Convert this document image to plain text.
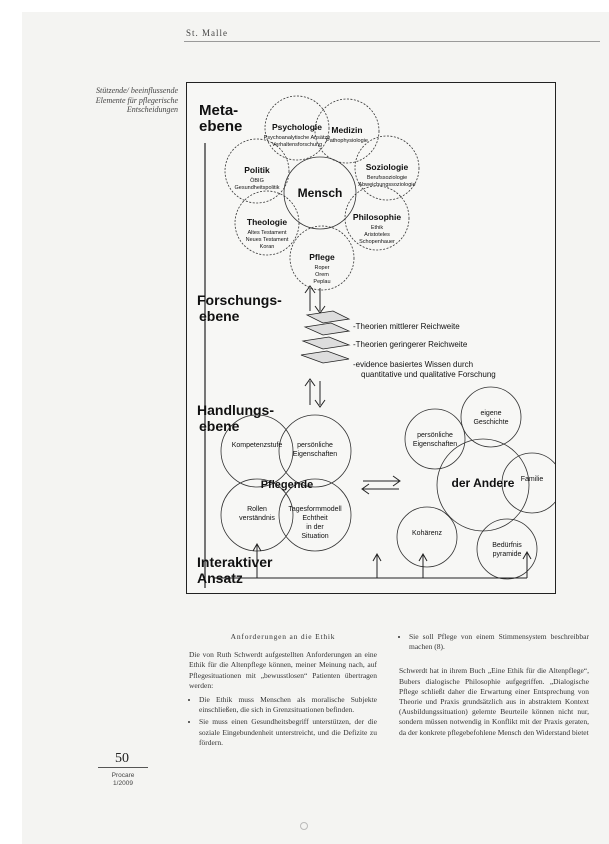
St. Malle
Stützende/ beeinflussende Elemente für pflegerische Entscheidungen Meta- ebene
Forschungs- ebene
Handlungs- ebene
Interaktiver Ansatz
Mensch
-Theorien mittlerer Reichweite -Theorien geringerer Reichweite -evidence basiertes Wissen durch quantitative und qualitative Forschung
Pflegende	der Andere
Psychologie
Psychoanalytische Ansätze
Verhaltensforschung
Medizin
Pathophysiologie
Soziologie
Berufssoziologie
Abweichungssoziologie
Philosophie
Ethik
Aristoteles
Schopenhauer
Pflege
Roper
Orem
Peplau
Theologie
Altes Testament
Neues Testament
Koran
Politik
ÖBIG
Gesundheitspolitik
Kompetenzstufe persönliche
Eigenschaften
Rollen
verständnis
Tagesformmodell
Echtheit
in der
Situation
eigene
Geschichte
persönliche
Eigenschaften
Familie
Kohärenz
Bedürfnis
pyramide
50
Procare
1/2009
Anforderungen an die Ethik

Die von Ruth Schwerdt aufgestellten Anforderungen an eine Ethik für die Altenpflege können, meiner Meinung nach, auf Pflegesituationen mit „bewusstlosen“ Patienten übertragen werden:

• Die Ethik muss Menschen als moralische Subjekte einschließen, die sich in Grenzsituationen befinden.
• Sie muss einen Gesundheitsbegriff unterstützen, der die soziale Eingebundenheit unterstreicht, und die Defizite zu fördern.
• Sie soll Pflege von einem Stimmensystem beschreibbar machen (8).

Schwerdt hat in ihrem Buch „Eine Ethik für die Altenpflege“, Bubers dialogische Philosophie aufgegriffen. „Dialogische Pflege schließt daher die Erwartung einer Entsprechung von Theorie und Praxis grundsätzlich aus in abstraktem Kontext (Ausbildungssituation) gelernte Beurteile können nicht nur, sondern müssen notwendig in Konflikt mit der Praxis geraten, da der konkrete pflegebefohlene Mensch den Widerstand bietet
